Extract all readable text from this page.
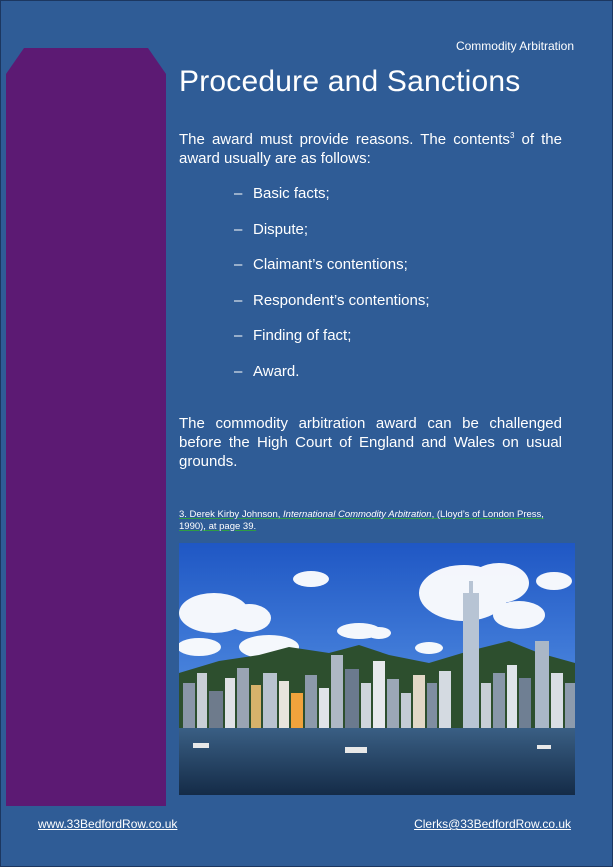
Commodity Arbitration
Procedure and Sanctions

The award must provide reasons. The contents$^3$ of the award usually are as follows:

– Basic facts;
– Dispute;
– Claimant’s contentions;
– Respondent’s contentions;
– Finding of fact;
– Award.

The commodity arbitration award can be challenged before the High Court of England and Wales on usual grounds.

3. Derek Kirby Johnson, International Commodity Arbitration, (Lloyd’s of London Press, 1990), at page 39.

www.33BedfordRow.co.uk	Clerks@33BedfordRow.co.uk
